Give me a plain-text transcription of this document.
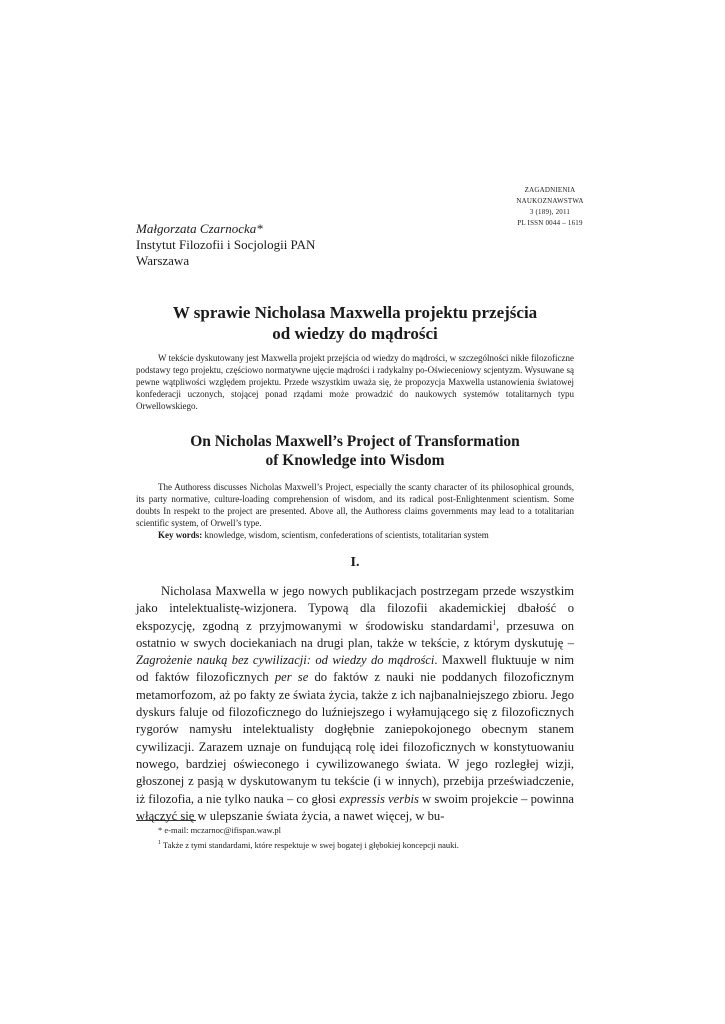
ZAGADNIENIA
NAUKOZNAWSTWA
3 (189), 2011
PL ISSN 0044 – 1619
Małgorzata Czarnocka*
Instytut Filozofii i Socjologii PAN
Warszawa
W sprawie Nicholasa Maxwella projektu przejścia
od wiedzy do mądrości

W tekście dyskutowany jest Maxwella projekt przejścia od wiedzy do mądrości, w szczególności nikłe filozoficzne podstawy tego projektu, częściowo normatywne ujęcie mądrości i radykalny po-Oświeceniowy scjentyzm. Wysuwane są pewne wątpliwości względem projektu. Przede wszystkim uważa się, że propozycja Maxwella ustanowienia światowej konfederacji uczonych, stojącej ponad rządami może prowadzić do naukowych systemów totalitarnych typu Orwellowskiego.

On Nicholas Maxwell’s Project of Transformation
of Knowledge into Wisdom

The Authoress discusses Nicholas Maxwell’s Project, especially the scanty character of its philosophical grounds, its party normative, culture-loading comprehension of wisdom, and its radical post-Enlightenment scientism. Some doubts In respekt to the project are presented. Above all, the Authoress claims governments may lead to a totalitarian scientific system, of Orwell’s type.

Key words: knowledge, wisdom, scientism, confederations of scientists, totalitarian system
I.

Nicholasa Maxwella w jego nowych publikacjach postrzegam przede wszystkim jako intelektualistę-wizjonera. Typową dla filozofii akademickiej dbałość o ekspozycję, zgodną z przyjmowanymi w środowisku standardami$^1$, przesuwa on ostatnio w swych dociekaniach na drugi plan, także w tekście, z którym dyskutuję – Zagrożenie nauką bez cywilizacji: od wiedzy do mądrości. Maxwell fluktuuje w nim od faktów filozoficznych per se do faktów z nauki nie poddanych filozoficznym metamorfozom, aż po fakty ze świata życia, także z ich najbanalniejszego zbioru. Jego dyskurs faluje od filozoficznego do luźniejszego i wyłamującego się z filozoficznych rygorów namysłu intelektualisty dogłębnie zaniepokojonego obecnym stanem cywilizacji. Zarazem uznaje on fundującą rolę idei filozoficznych w konstytuowaniu nowego, bardziej oświeconego i cywilizowanego świata. W jego rozległej wizji, głoszonej z pasją w dyskutowanym tu tekście (i w innych), przebija przeświadczenie, iż filozofia, a nie tylko nauka – co głosi expressis verbis w swoim projekcie – powinna włączyć się w ulepszanie świata życia, a nawet więcej, w bu-

* e-mail: mczarnoc@ifispan.waw.pl
$^1$ Także z tymi standardami, które respektuje w swej bogatej i głębokiej koncepcji nauki.
